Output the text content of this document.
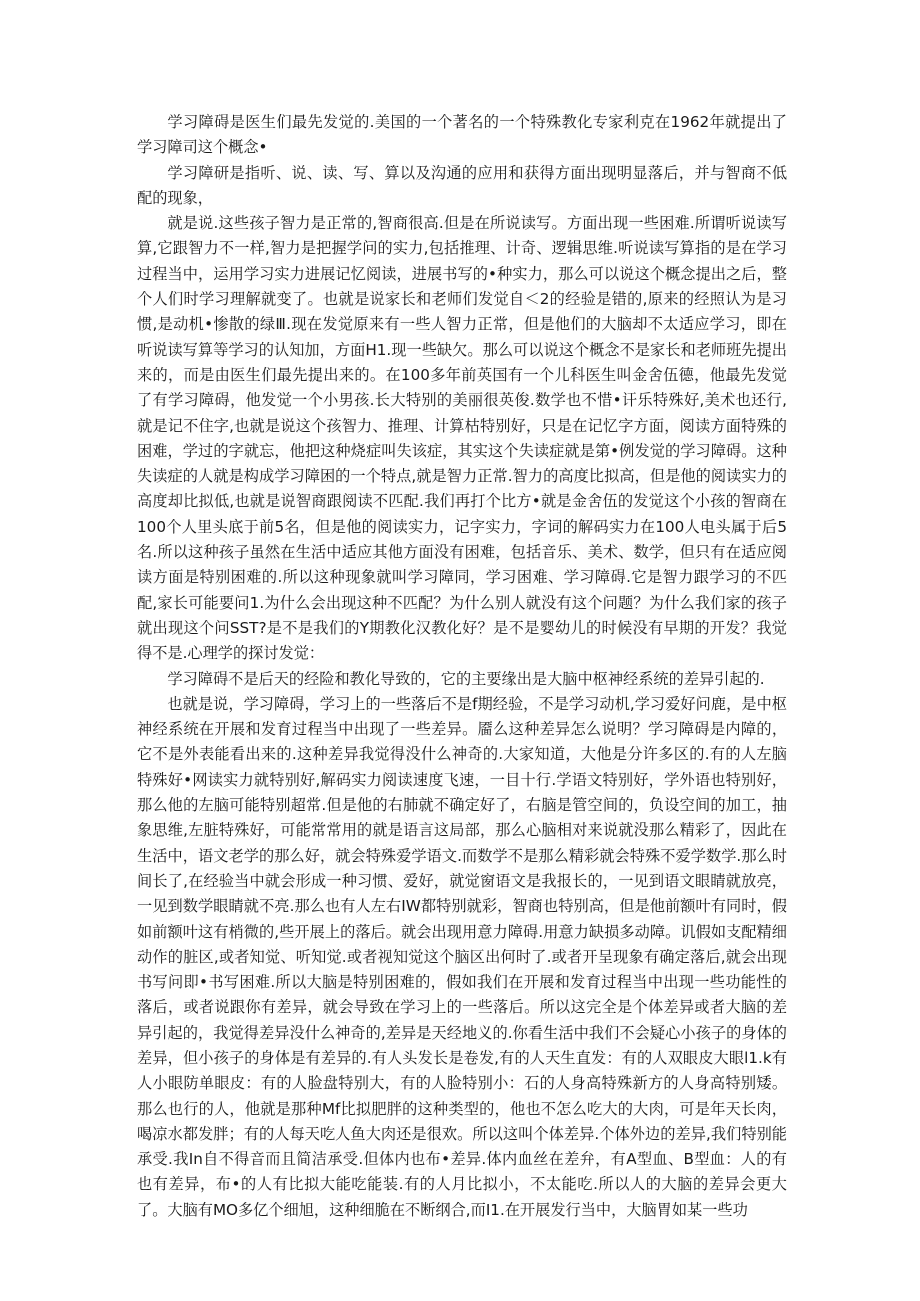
学习障碍是医生们最先发觉的.美国的一个著名的一个特殊教化专家利克在1962年就提出了学习障司这个概念•

学习障研是指听、说、读、写、算以及沟通的应用和获得方面出现明显落后，并与智商不低配的现象，

就是说.这些孩子智力是正常的,智商很高.但是在所说读写。方面出现一些困难.所谓听说读写算,它跟智力不一样,智力是把握学问的实力,包括推理、计奇、逻辑思维.听说读写算指的是在学习过程当中，运用学习实力进展记忆阅读，进展书写的•种实力，那么可以说这个概念提出之后，整个人们时学习理解就变了。也就是说家长和老师们发觉自＜2的经验是错的,原来的经照认为是习惯,是动机•惨散的绿Ⅲ.现在发觉原来有一些人智力正常，但是他们的大脑却不太适应学习，即在听说读写算等学习的认知加，方面H1.现一些缺欠。那么可以说这个概念不是家长和老师班先提出来的，而是由医生们最先提出来的。在100多年前英国有一个儿科医生叫金舍伍德，他最先发觉了有学习障碍，他发觉一个小男孩.长大特别的美丽很英俊.数学也不惜•讦乐特殊好,美术也还行,就是记不住字,也就是说这个孩智力、推理、计算枯特别好，只是在记忆字方面，阅读方面特殊的困难，学过的字就忘，他把这种烧症叫失该症，其实这个失读症就是第•例发觉的学习障碍。这种失读症的人就是构成学习障困的一个特点,就是智力正常.智力的高度比拟高，但是他的阅读实力的高度却比拟低,也就是说智商跟阅读不匹配.我们再打个比方•就是金舍伍的发觉这个小孩的智商在100个人里头底于前5名，但是他的阅读实力，记字实力，字词的解码实力在100人电头属于后5名.所以这种孩子虽然在生活中适应其他方面没有困难，包括音乐、美术、数学，但只有在适应阅读方面是特别困难的.所以这种现象就叫学习障同，学习困难、学习障碍.它是智力跟学习的不匹配,家长可能要问1.为什么会出现这种不匹配？为什么别人就没有这个问题？为什么我们家的孩子就出现这个问SST?是不是我们的Y期教化汉教化好？是不是婴幼儿的时候没有早期的开发？我觉得不是.心理学的探讨发觉：

学习障碍不是后天的经险和教化导致的，它的主要缘出是大脑中枢神经系统的差异引起的.

也就是说，学习障碍，学习上的一些落后不是f期经验，不是学习动机,学习爱好问鹿，是中枢神经系统在开展和发育过程当中出现了一些差异。靥么这种差异怎么说明？学习障碍是内障的，它不是外表能看出来的.这种差异我觉得没什么神奇的.大家知道，大他是分许多区的.有的人左脑特殊好•网读实力就特别好,解码实力阅读速度飞速，一目十行.学语文特别好，学外语也特别好，那么他的左脑可能特别超常.但是他的右肺就不确定好了，右脑是管空间的，负设空间的加工，抽象思维,左脏特殊好，可能常常用的就是语言这局部，那么心脑相对来说就没那么精彩了，因此在生活中，语文老学的那么好，就会特殊爱学语文.而数学不是那么精彩就会特殊不爱学数学.那么时间长了,在经验当中就会形成一种习惯、爱好，就觉窗语文是我报长的，一见到语文眼睛就放亮，一见到数学眼睛就不亮.那么也有人左右IW都特别就彩，智商也特别高，但是他前额叶有同时，假如前额叶这有梢微的,些开展上的落后。就会出现用意力障碍.用意力缺损多动障。讥假如支配精细动作的脏区,或者知觉、听知觉.或者视知觉这个脑区出何时了.或者开呈现象有确定落后,就会出现书写问即•书写困难.所以大脑是特别困难的，假如我们在开展和发育过程当中出现一些功能性的落后，或者说跟你有差异，就会导致在学习上的一些落后。所以这完全是个体差异或者大脑的差异引起的，我觉得差异没什么神奇的,差异是天经地义的.你看生活中我们不会疑心小孩子的身体的差异，但小孩子的身体是有差异的.有人头发长是卷发,有的人天生直发：有的人双眼皮大眼l1.k有人小眼防单眼皮：有的人脸盘特别大，有的人脸特别小：石的人身高特殊新方的人身高特别矮。那么也行的人，他就是那种Mf比拟肥胖的这种类型的，他也不怎么吃大的大肉，可是年天长肉，喝凉水都发胖；有的人每天吃人鱼大肉还是很欢。所以这叫个体差异.个体外边的差异,我们特别能承受.我In自不得音而且简洁承受.但体内也布•差异.体内血丝在差弁，有A型血、B型血：人的有也有差异，布•的人有比拟大能吃能装.有的人月比拟小，不太能吃.所以人的大脑的差异会更大了。大脑有MO多亿个细旭，这种细脆在不断纲合,而I1.在开展发行当中，大脑胃如某一些功
